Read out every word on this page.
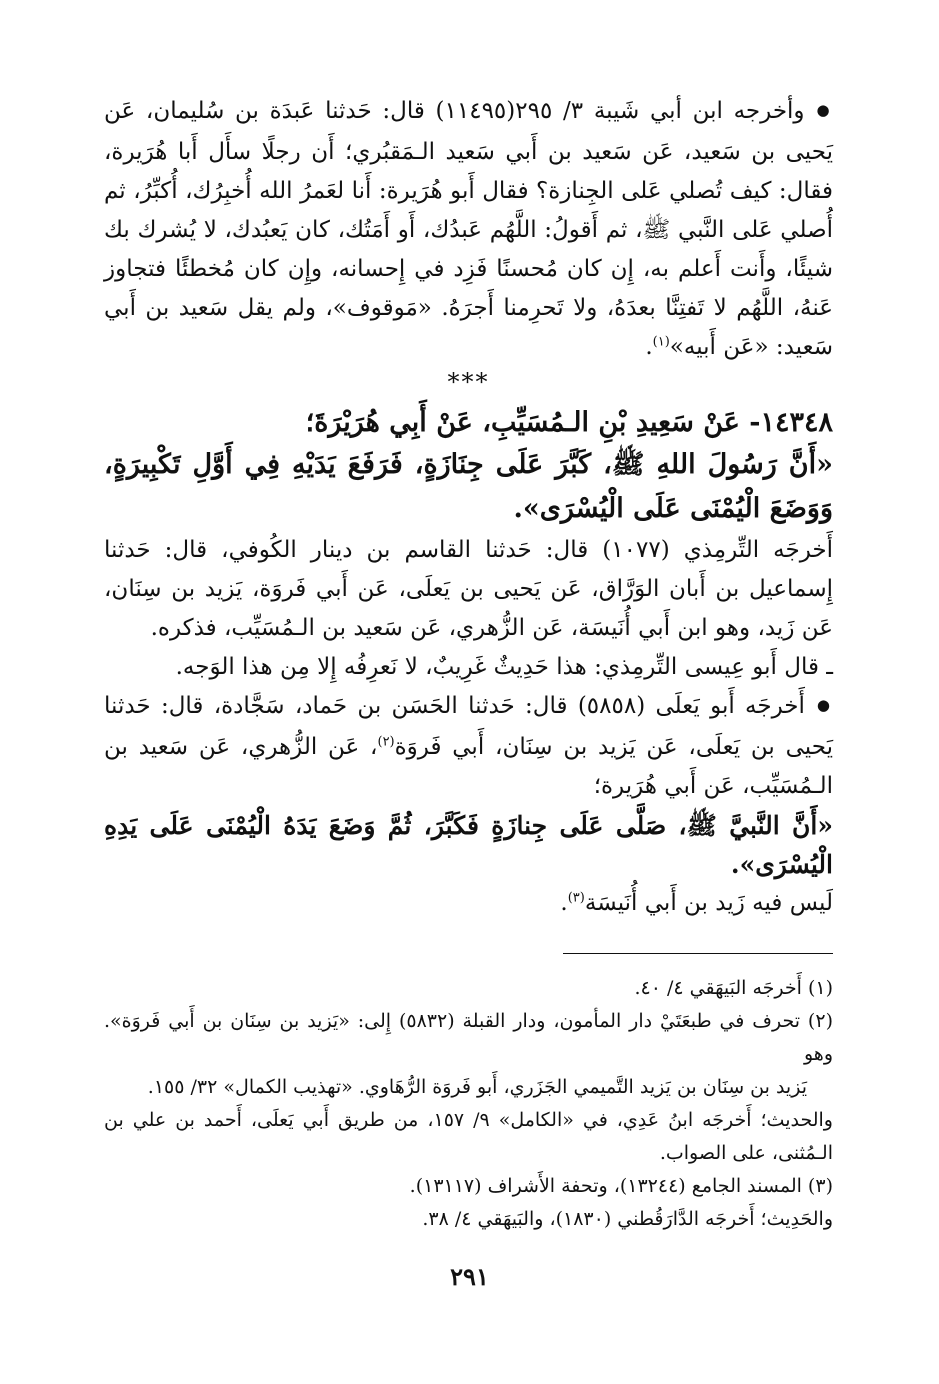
● وأخرجه ابن أبي شَيبة ٣/ ٢٩٥(١١٤٩٥) قال: حَدثنا عَبدَة بن سُليمان، عَن يَحيى بن سَعيد، عَن سَعيد بن أَبي سَعيد الـمَقبُري؛ أَن رجلًا سأَل أَبا هُرَيرة، فقال: كيف تُصلي عَلى الجِنازة؟ فقال أَبو هُرَيرة: أَنا لعَمرُ الله أُخبِرُك، أُكبِّرُ، ثم أُصلي عَلى النَّبي ﷺ، ثم أَقولُ: اللَّهُم عَبدُك، أَو أَمَتُك، كان يَعبُدك، لا يُشرك بك شيئًا، وأَنت أَعلم به، إِن كان مُحسنًا فَزِد في إِحسانه، وإِن كان مُخطئًا فتجاوز عَنهُ، اللَّهُم لا تَفتِنَّا بعدَهُ، ولا تَحرِمنا أَجرَهُ. «مَوقوف»، ولم يقل سَعيد بن أَبي سَعيد: «عَن أَبيه»$^{(١)}$.

***

١٤٣٤٨- عَنْ سَعِيدِ بْنِ الـمُسَيِّبِ، عَنْ أَبِي هُرَيْرَةَ؛

«أَنَّ رَسُولَ اللهِ ﷺ، كَبَّرَ عَلَى جِنَازَةٍ، فَرَفَعَ يَدَيْهِ فِي أَوَّلِ تَكْبِيرَةٍ، وَوَضَعَ الْيُمْنَى عَلَى الْيُسْرَى».

أَخرجَه التِّرمِذي (١٠٧٧) قال: حَدثنا القاسم بن دينار الكُوفي، قال: حَدثنا إِسماعيل بن أَبان الوَرَّاق، عَن يَحيى بن يَعلَى، عَن أَبي فَروَة، يَزيد بن سِنَان، عَن زَيد، وهو ابن أَبي أُنَيسَة، عَن الزُّهري، عَن سَعيد بن الـمُسَيِّب، فذكره.

ـ قال أَبو عِيسى التِّرمِذي: هذا حَدِيثٌ غَرِيبٌ، لا نَعرِفُه إِلا مِن هذا الوَجه.

● أَخرجَه أَبو يَعلَى (٥٨٥٨) قال: حَدثنا الحَسَن بن حَماد، سَجَّادة، قال: حَدثنا يَحيى بن يَعلَى، عَن يَزيد بن سِنَان، أَبي فَروَة$^{(٢)}$، عَن الزُّهري، عَن سَعيد بن الـمُسَيِّب، عَن أَبي هُرَيرة؛

«أَنَّ النَّبيَّ ﷺ، صَلَّى عَلَى جِنازَةٍ فَكَبَّرَ، ثُمَّ وَضَعَ يَدَهُ الْيُمْنَى عَلَى يَدِهِ الْيُسْرَى».

لَيس فيه زَيد بن أَبي أُنَيسَة$^{(٣)}$.

(١) أَخرجَه البَيهَقي ٤/ ٤٠.

(٢) تحرف في طبعَتَيْ دار المأمون، ودار القبلة (٥٨٣٢) إِلى: «يَزيد بن سِنَان بن أَبي فَروَة». وهو

يَزيد بن سِنَان بن يَزيد التَّميمي الجَزَري، أَبو فَروَة الرُّهَاوي. «تهذيب الكمال» ٣٢/ ١٥٥.

والحديث؛ أَخرجَه ابنُ عَدِي، في «الكامل» ٩/ ١٥٧، من طريق أَبي يَعلَى، أَحمد بن علي بن الـمُثنى، على الصواب.

(٣) المسند الجامع (١٣٢٤٤)، وتحفة الأَشراف (١٣١١٧).

والحَدِيث؛ أَخرجَه الدَّارَقُطني (١٨٣٠)، والبَيهَقي ٤/ ٣٨.

٢٩١
